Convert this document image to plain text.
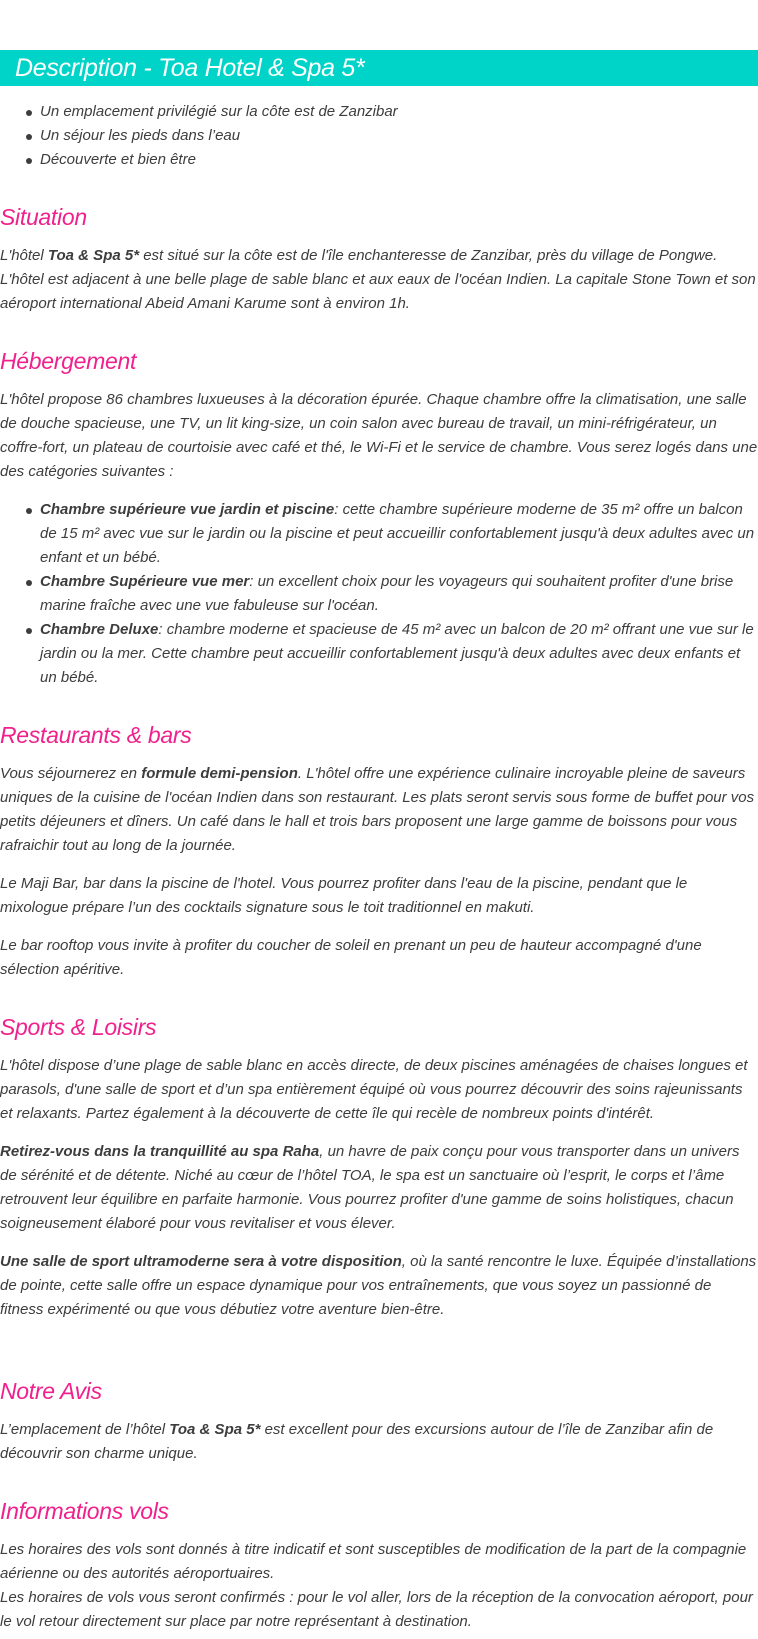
Description - Toa Hotel & Spa 5*
Un emplacement privilégié sur la côte est de Zanzibar
Un séjour les pieds dans l’eau
Découverte et bien être
Situation

L'hôtel Toa & Spa 5* est situé sur la côte est de l'île enchanteresse de Zanzibar, près du village de Pongwe. L'hôtel est adjacent à une belle plage de sable blanc et aux eaux de l'océan Indien. La capitale Stone Town et son aéroport international Abeid Amani Karume sont à environ 1h.

Hébergement

L'hôtel propose 86 chambres luxueuses à la décoration épurée. Chaque chambre offre la climatisation, une salle de douche spacieuse, une TV, un lit king-size, un coin salon avec bureau de travail, un mini-réfrigérateur, un coffre-fort, un plateau de courtoisie avec café et thé, le Wi-Fi et le service de chambre. Vous serez logés dans une des catégories suivantes :

Chambre supérieure vue jardin et piscine: cette chambre supérieure moderne de 35 m² offre un balcon de 15 m² avec vue sur le jardin ou la piscine et peut accueillir confortablement jusqu'à deux adultes avec un enfant et un bébé.
Chambre Supérieure vue mer: un excellent choix pour les voyageurs qui souhaitent profiter d'une brise marine fraîche avec une vue fabuleuse sur l'océan.
Chambre Deluxe: chambre moderne et spacieuse de 45 m² avec un balcon de 20 m² offrant une vue sur le jardin ou la mer. Cette chambre peut accueillir confortablement jusqu'à deux adultes avec deux enfants et un bébé.
Restaurants & bars

Vous séjournerez en formule demi-pension. L'hôtel offre une expérience culinaire incroyable pleine de saveurs uniques de la cuisine de l'océan Indien dans son restaurant. Les plats seront servis sous forme de buffet pour vos petits déjeuners et dîners. Un café dans le hall et trois bars proposent une large gamme de boissons pour vous rafraichir tout au long de la journée.

Le Maji Bar, bar dans la piscine de l'hotel. Vous pourrez profiter dans l'eau de la piscine, pendant que le mixologue prépare l’un des cocktails signature sous le toit traditionnel en makuti.

Le bar rooftop vous invite à profiter du coucher de soleil en prenant un peu de hauteur accompagné d'une sélection apéritive.

Sports & Loisirs

L'hôtel dispose d’une plage de sable blanc en accès directe, de deux piscines aménagées de chaises longues et parasols, d'une salle de sport et d’un spa entièrement équipé où vous pourrez découvrir des soins rajeunissants et relaxants. Partez également à la découverte de cette île qui recèle de nombreux points d'intérêt.

Retirez-vous dans la tranquillité au spa Raha, un havre de paix conçu pour vous transporter dans un univers de sérénité et de détente. Niché au cœur de l’hôtel TOA, le spa est un sanctuaire où l’esprit, le corps et l’âme retrouvent leur équilibre en parfaite harmonie. Vous pourrez profiter d'une gamme de soins holistiques, chacun soigneusement élaboré pour vous revitaliser et vous élever.

Une salle de sport ultramoderne sera à votre disposition, où la santé rencontre le luxe. Équipée d’installations de pointe, cette salle offre un espace dynamique pour vos entraînements, que vous soyez un passionné de fitness expérimenté ou que vous débutiez votre aventure bien-être.

Notre Avis

L’emplacement de l’hôtel Toa & Spa 5* est excellent pour des excursions autour de l’île de Zanzibar afin de découvrir son charme unique.

Informations vols

Les horaires des vols sont donnés à titre indicatif et sont susceptibles de modification de la part de la compagnie aérienne ou des autorités aéroportuaires.
Les horaires de vols vous seront confirmés : pour le vol aller, lors de la réception de la convocation aéroport, pour le vol retour directement sur place par notre représentant à destination.
